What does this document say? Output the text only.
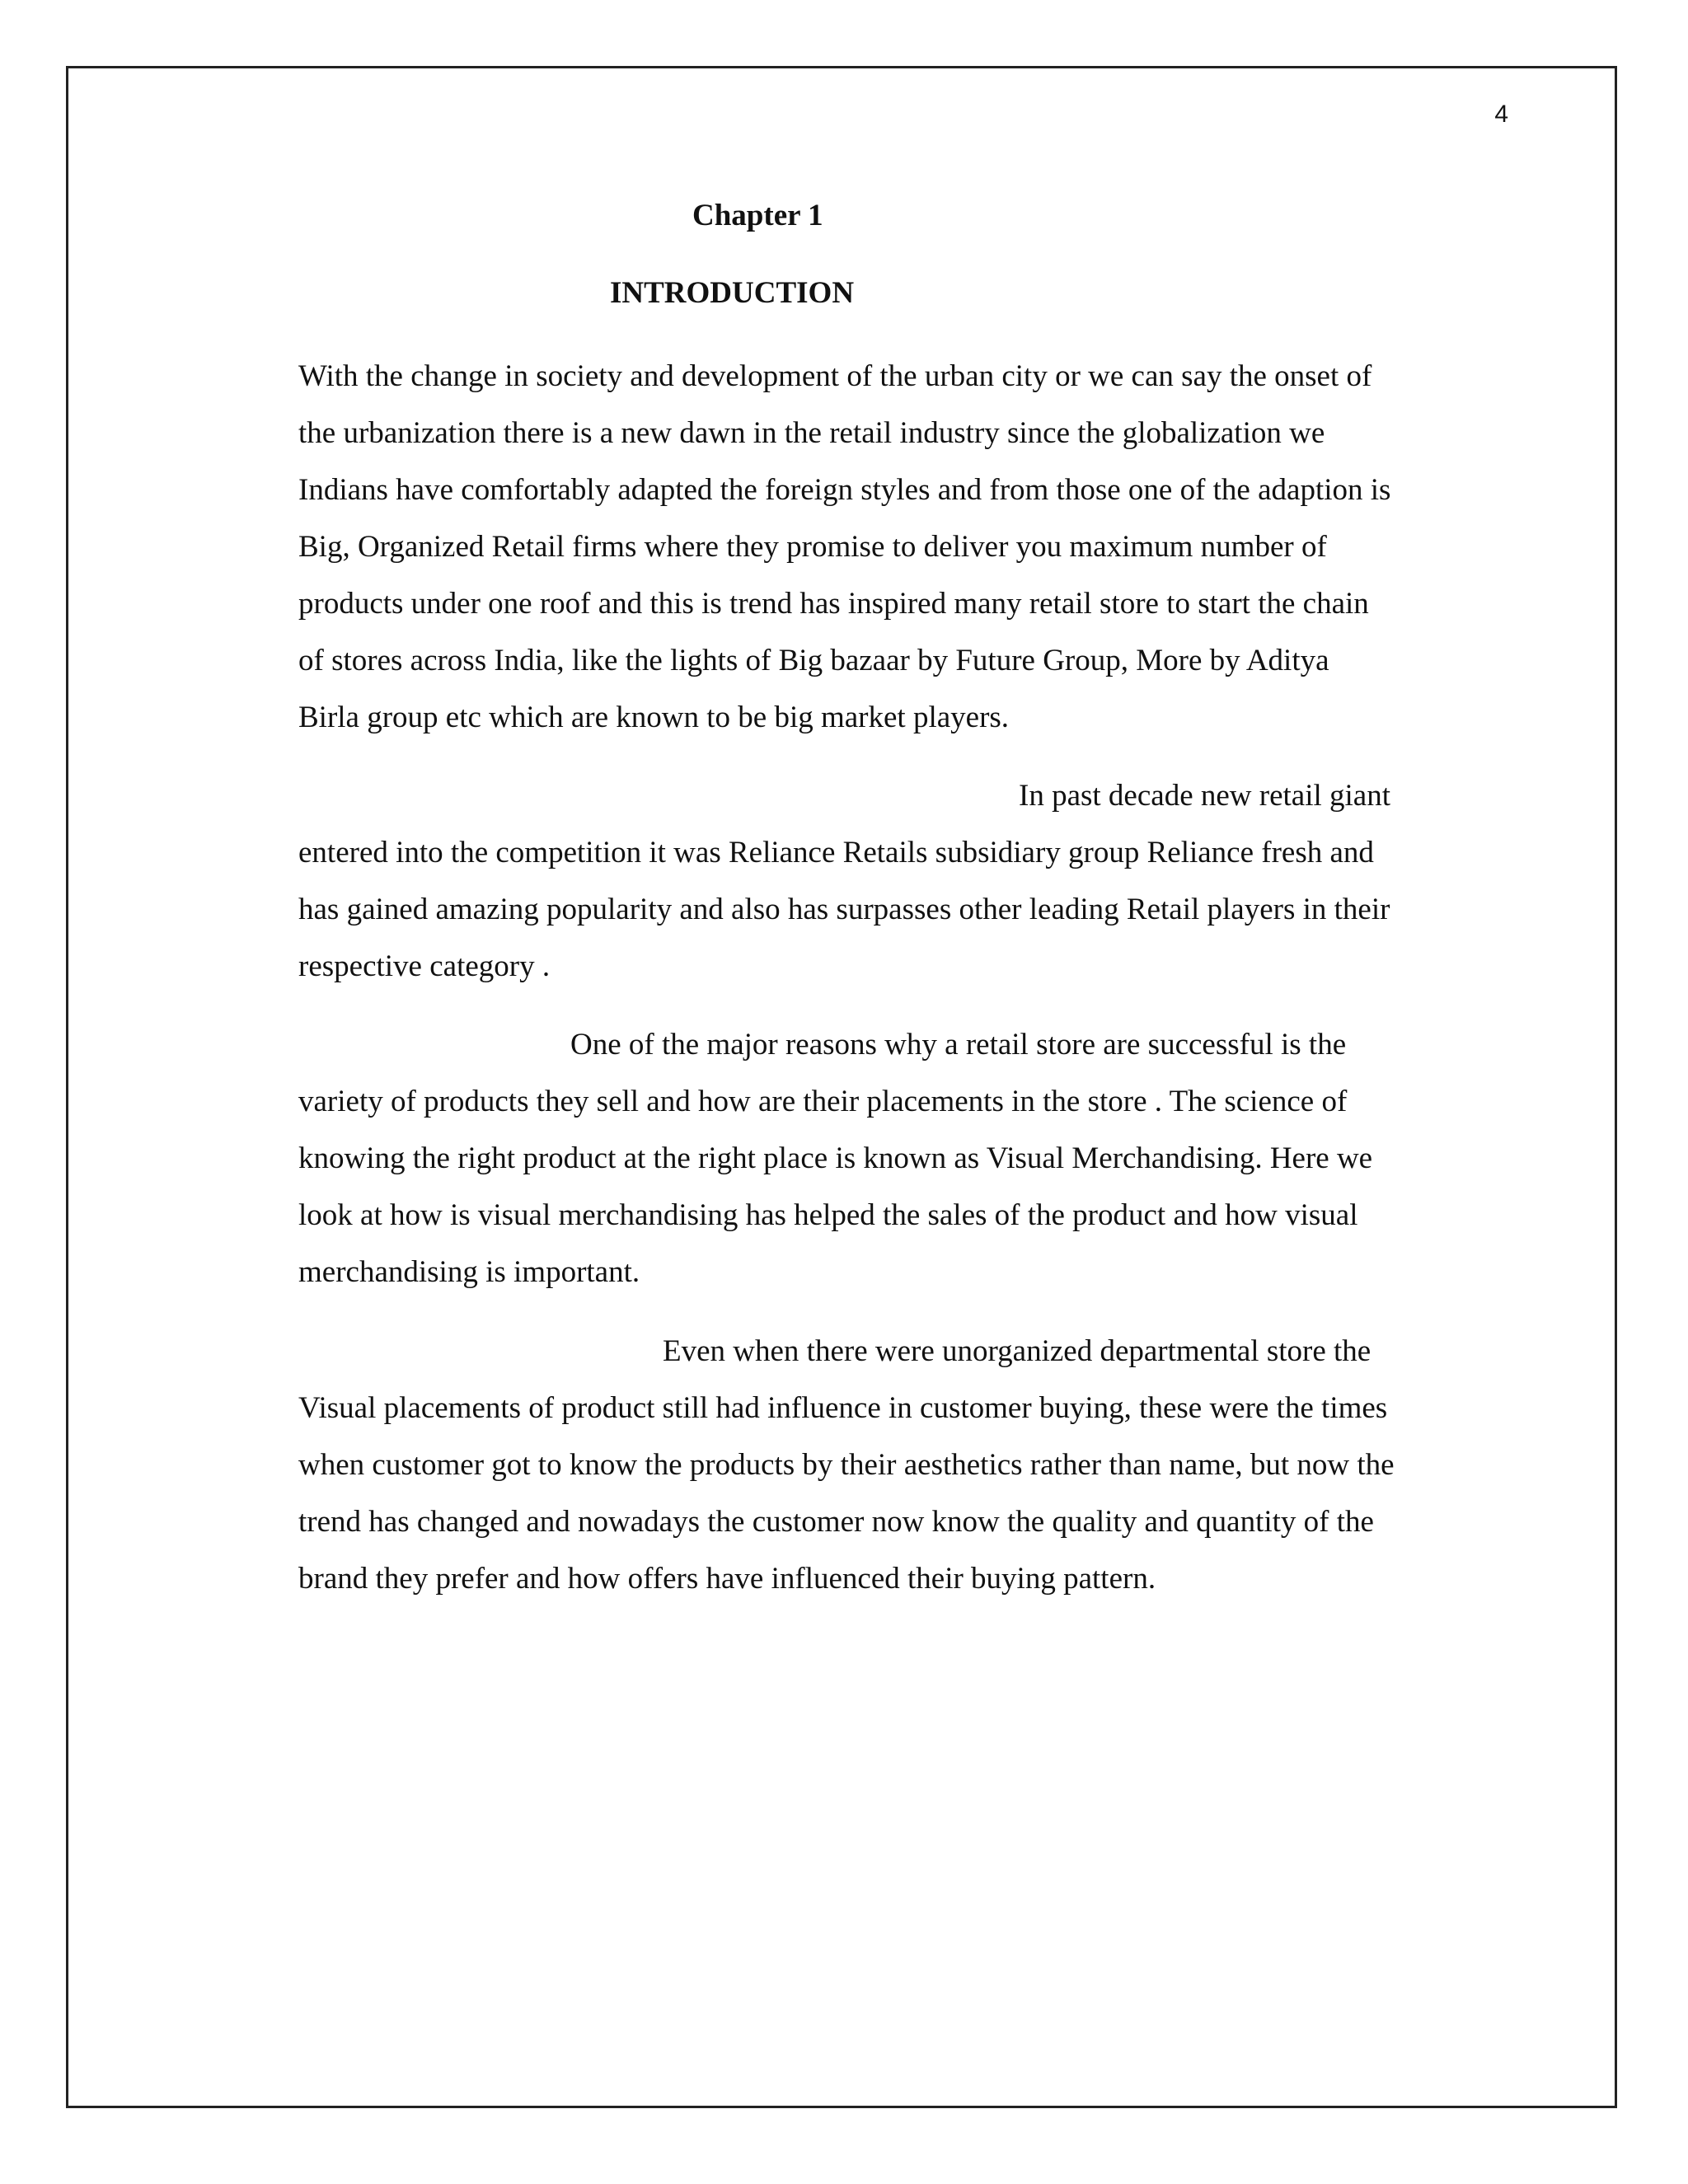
4
Chapter 1
INTRODUCTION
With the change in society and development of the urban city or we can say the onset of
the urbanization there is a new dawn in the retail industry since the globalization we
Indians have comfortably adapted the foreign styles and from those one of the adaption is
Big, Organized Retail firms where they promise to deliver you maximum number of
products under one roof and this is trend has inspired many retail store to start the chain
of stores across India, like the lights of Big bazaar by Future Group, More by Aditya
Birla group etc which are known to be big market players.
In past decade new retail giant
entered into the competition it was Reliance Retails subsidiary group Reliance fresh and
has gained amazing popularity and also has surpasses other leading Retail players in their
respective category .
One of the major reasons why a retail store are successful is the
variety of products they sell and how are their placements in the store . The science of
knowing the right product at the right place is known as Visual Merchandising. Here we
look at how is visual merchandising has helped the sales of the product and how visual
merchandising is important.
Even when there were unorganized departmental store the
Visual placements of product still had influence in customer buying, these were the times
when customer got to know the products by their aesthetics rather than name, but now the
trend has changed and nowadays the customer now know the quality and quantity of the
brand they prefer and how offers have influenced their buying pattern.
